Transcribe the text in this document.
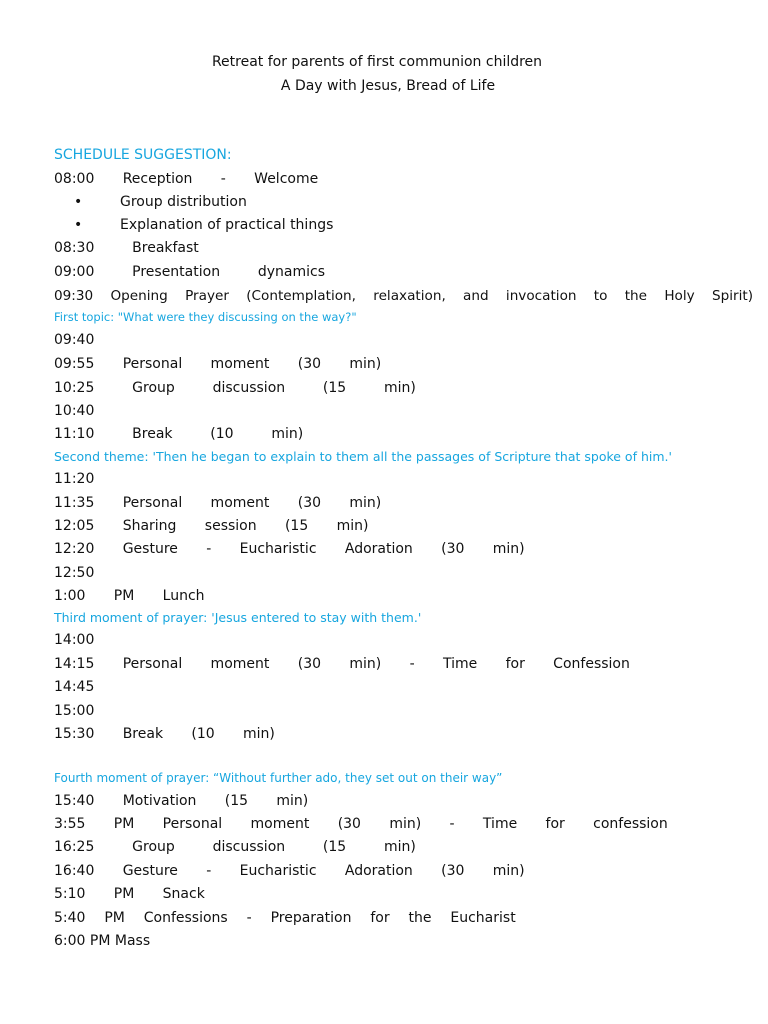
Retreat for parents of first communion children
A Day with Jesus, Bread of Life
SCHEDULE SUGGESTION:
08:00   Reception   -   Welcome
•	Group distribution
•	Explanation of practical things
08:30    Breakfast
09:00    Presentation    dynamics
09:30    Opening    Prayer    (Contemplation,    relaxation,    and    invocation    to    the    Holy    Spirit)
First topic: "What were they discussing on the way?"
09:40
09:55   Personal   moment   (30   min)
10:25    Group    discussion    (15    min)
10:40
11:10    Break    (10    min)
Second theme: 'Then he began to explain to them all the passages of Scripture that spoke of him.'
11:20
11:35   Personal   moment   (30   min)
12:05   Sharing   session   (15   min)
12:20   Gesture   -   Eucharistic   Adoration   (30   min)
12:50
1:00   PM   Lunch
Third moment of prayer: 'Jesus entered to stay with them.'
14:00
14:15   Personal   moment   (30   min)   -   Time   for   Confession
14:45
15:00
15:30   Break   (10   min)
Fourth moment of prayer: “Without further ado, they set out on their way”
15:40   Motivation   (15   min)
3:55   PM   Personal   moment   (30   min)   -   Time   for   confession
16:25    Group    discussion    (15    min)
16:40   Gesture   -   Eucharistic   Adoration   (30   min)
5:10   PM   Snack
5:40  PM  Confessions  -  Preparation  for  the  Eucharist
6:00 PM Mass
